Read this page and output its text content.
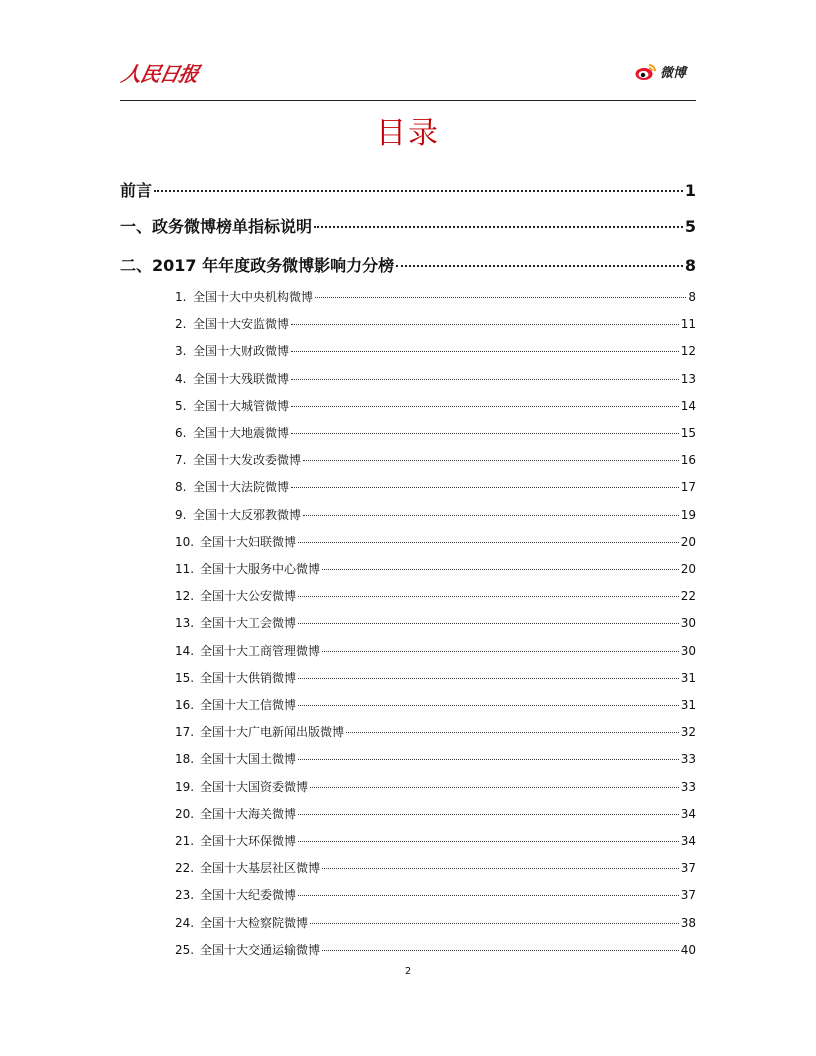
人民日报	微博
目录
前言	1
一、政务微博榜单指标说明	5
二、2017 年年度政务微博影响力分榜	8
1. 全国十大中央机构微博	8
2. 全国十大安监微博	11
3. 全国十大财政微博	12
4. 全国十大残联微博	13
5. 全国十大城管微博	14
6. 全国十大地震微博	15
7. 全国十大发改委微博	16
8. 全国十大法院微博	17
9. 全国十大反邪教微博	19
10. 全国十大妇联微博	20
11. 全国十大服务中心微博	20
12. 全国十大公安微博	22
13. 全国十大工会微博	30
14. 全国十大工商管理微博	30
15. 全国十大供销微博	31
16. 全国十大工信微博	31
17. 全国十大广电新闻出版微博	32
18. 全国十大国土微博	33
19. 全国十大国资委微博	33
20. 全国十大海关微博	34
21. 全国十大环保微博	34
22. 全国十大基层社区微博	37
23. 全国十大纪委微博	37
24. 全国十大检察院微博	38
25. 全国十大交通运输微博	40
2
